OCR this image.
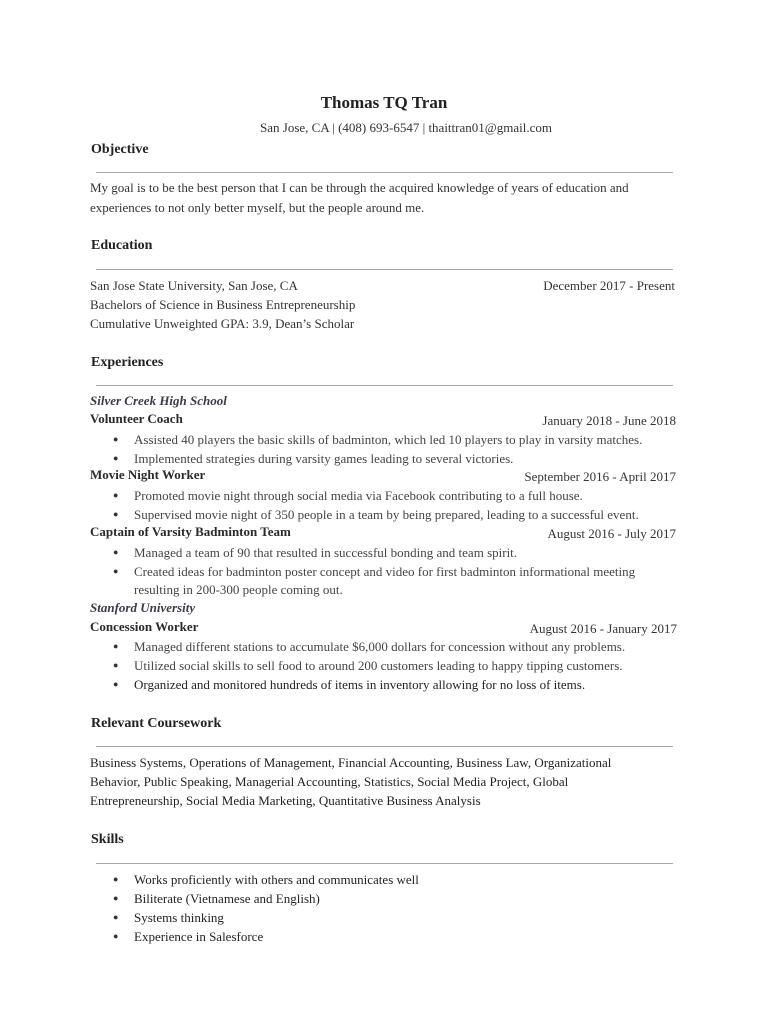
Thomas TQ Tran
San Jose, CA | (408) 693-6547 | thaittran01@gmail.com
Objective
My goal is to be the best person that I can be through the acquired knowledge of years of education and
experiences to not only better myself, but the people around me.
Education
San Jose State University, San Jose, CA	December 2017 - Present
Bachelors of Science in Business Entrepreneurship
Cumulative Unweighted GPA: 3.9, Dean’s Scholar
Experiences
Silver Creek High School
Volunteer Coach	January 2018 - June 2018
● Assisted 40 players the basic skills of badminton, which led 10 players to play in varsity matches.
● Implemented strategies during varsity games leading to several victories.
Movie Night Worker	September 2016 - April 2017
● Promoted movie night through social media via Facebook contributing to a full house.
● Supervised movie night of 350 people in a team by being prepared, leading to a successful event.
Captain of Varsity Badminton Team	August 2016 - July 2017
● Managed a team of 90 that resulted in successful bonding and team spirit.
● Created ideas for badminton poster concept and video for first badminton informational meeting
resulting in 200-300 people coming out.
Stanford University
Concession Worker	August 2016 - January 2017
● Managed different stations to accumulate $6,000 dollars for concession without any problems.
● Utilized social skills to sell food to around 200 customers leading to happy tipping customers.
● Organized and monitored hundreds of items in inventory allowing for no loss of items.
Relevant Coursework
Business Systems, Operations of Management, Financial Accounting, Business Law, Organizational
Behavior, Public Speaking, Managerial Accounting, Statistics, Social Media Project, Global
Entrepreneurship, Social Media Marketing, Quantitative Business Analysis
Skills
● Works proficiently with others and communicates well
● Biliterate (Vietnamese and English)
● Systems thinking
● Experience in Salesforce
